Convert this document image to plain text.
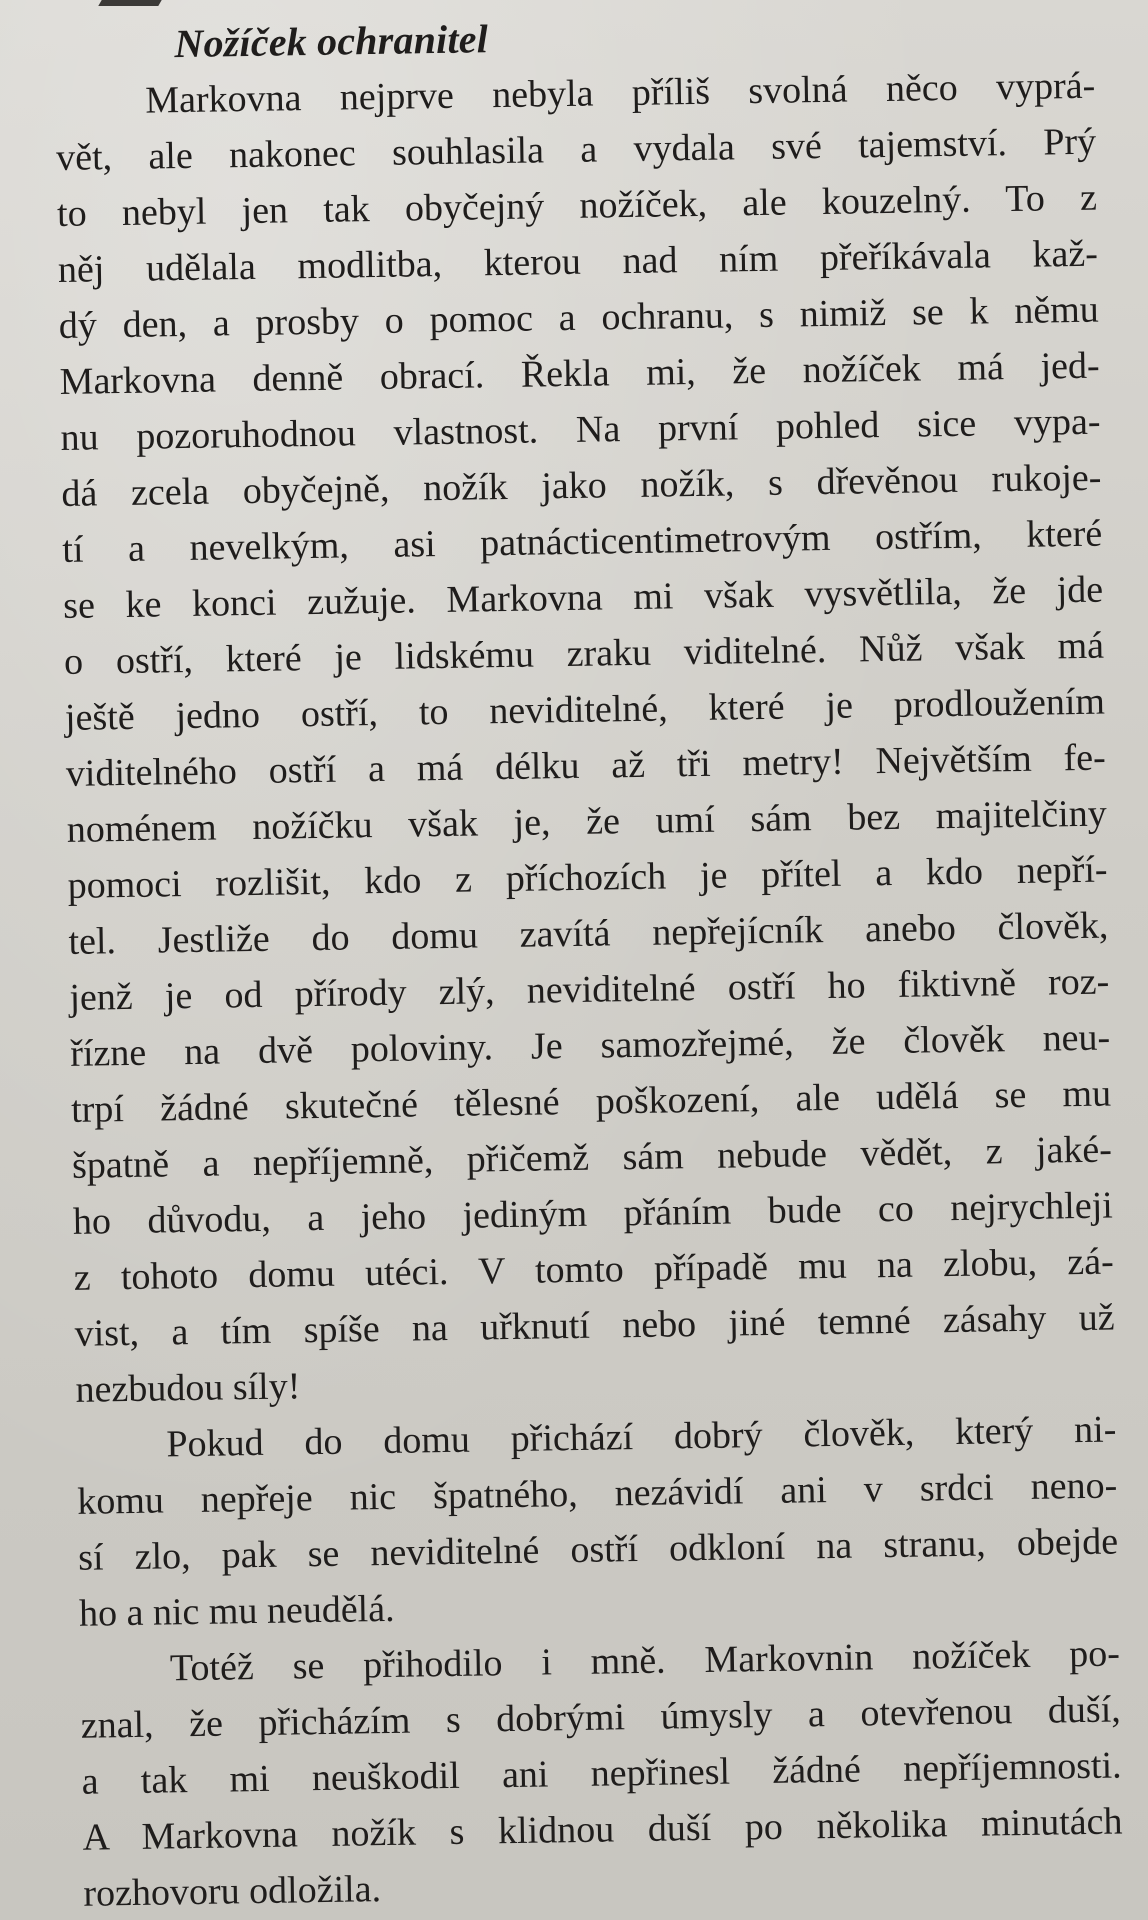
Nožíček ochranitel

Markovna nejprve nebyla příliš svolná něco vyprá-
vět, ale nakonec souhlasila a vydala své tajemství. Prý
to nebyl jen tak obyčejný nožíček, ale kouzelný. To z
něj udělala modlitba, kterou nad ním přeříkávala kaž-
dý den, a prosby o pomoc a ochranu, s nimiž se k němu
Markovna denně obrací. Řekla mi, že nožíček má jed-
nu pozoruhodnou vlastnost. Na první pohled sice vypa-
dá zcela obyčejně, nožík jako nožík, s dřevěnou rukoje-
tí a nevelkým, asi patnácticentimetrovým ostřím, které
se ke konci zužuje. Markovna mi však vysvětlila, že jde
o ostří, které je lidskému zraku viditelné. Nůž však má
ještě jedno ostří, to neviditelné, které je prodloužením
viditelného ostří a má délku až tři metry! Největším fe-
noménem nožíčku však je, že umí sám bez majitelčiny
pomoci rozlišit, kdo z příchozích je přítel a kdo nepří-
tel. Jestliže do domu zavítá nepřejícník anebo člověk,
jenž je od přírody zlý, neviditelné ostří ho fiktivně roz-
řízne na dvě poloviny. Je samozřejmé, že člověk neu-
trpí žádné skutečné tělesné poškození, ale udělá se mu
špatně a nepříjemně, přičemž sám nebude vědět, z jaké-
ho důvodu, a jeho jediným přáním bude co nejrychleji
z tohoto domu utéci. V tomto případě mu na zlobu, zá-
vist, a tím spíše na uřknutí nebo jiné temné zásahy už
nezbudou síly!

Pokud do domu přichází dobrý člověk, který ni-
komu nepřeje nic špatného, nezávidí ani v srdci neno-
sí zlo, pak se neviditelné ostří odkloní na stranu, obejde
ho a nic mu neudělá.

Totéž se přihodilo i mně. Markovnin nožíček po-
znal, že přicházím s dobrými úmysly a otevřenou duší,
a tak mi neuškodil ani nepřinesl žádné nepříjemnosti.
A Markovna nožík s klidnou duší po několika minutách
rozhovoru odložila.
